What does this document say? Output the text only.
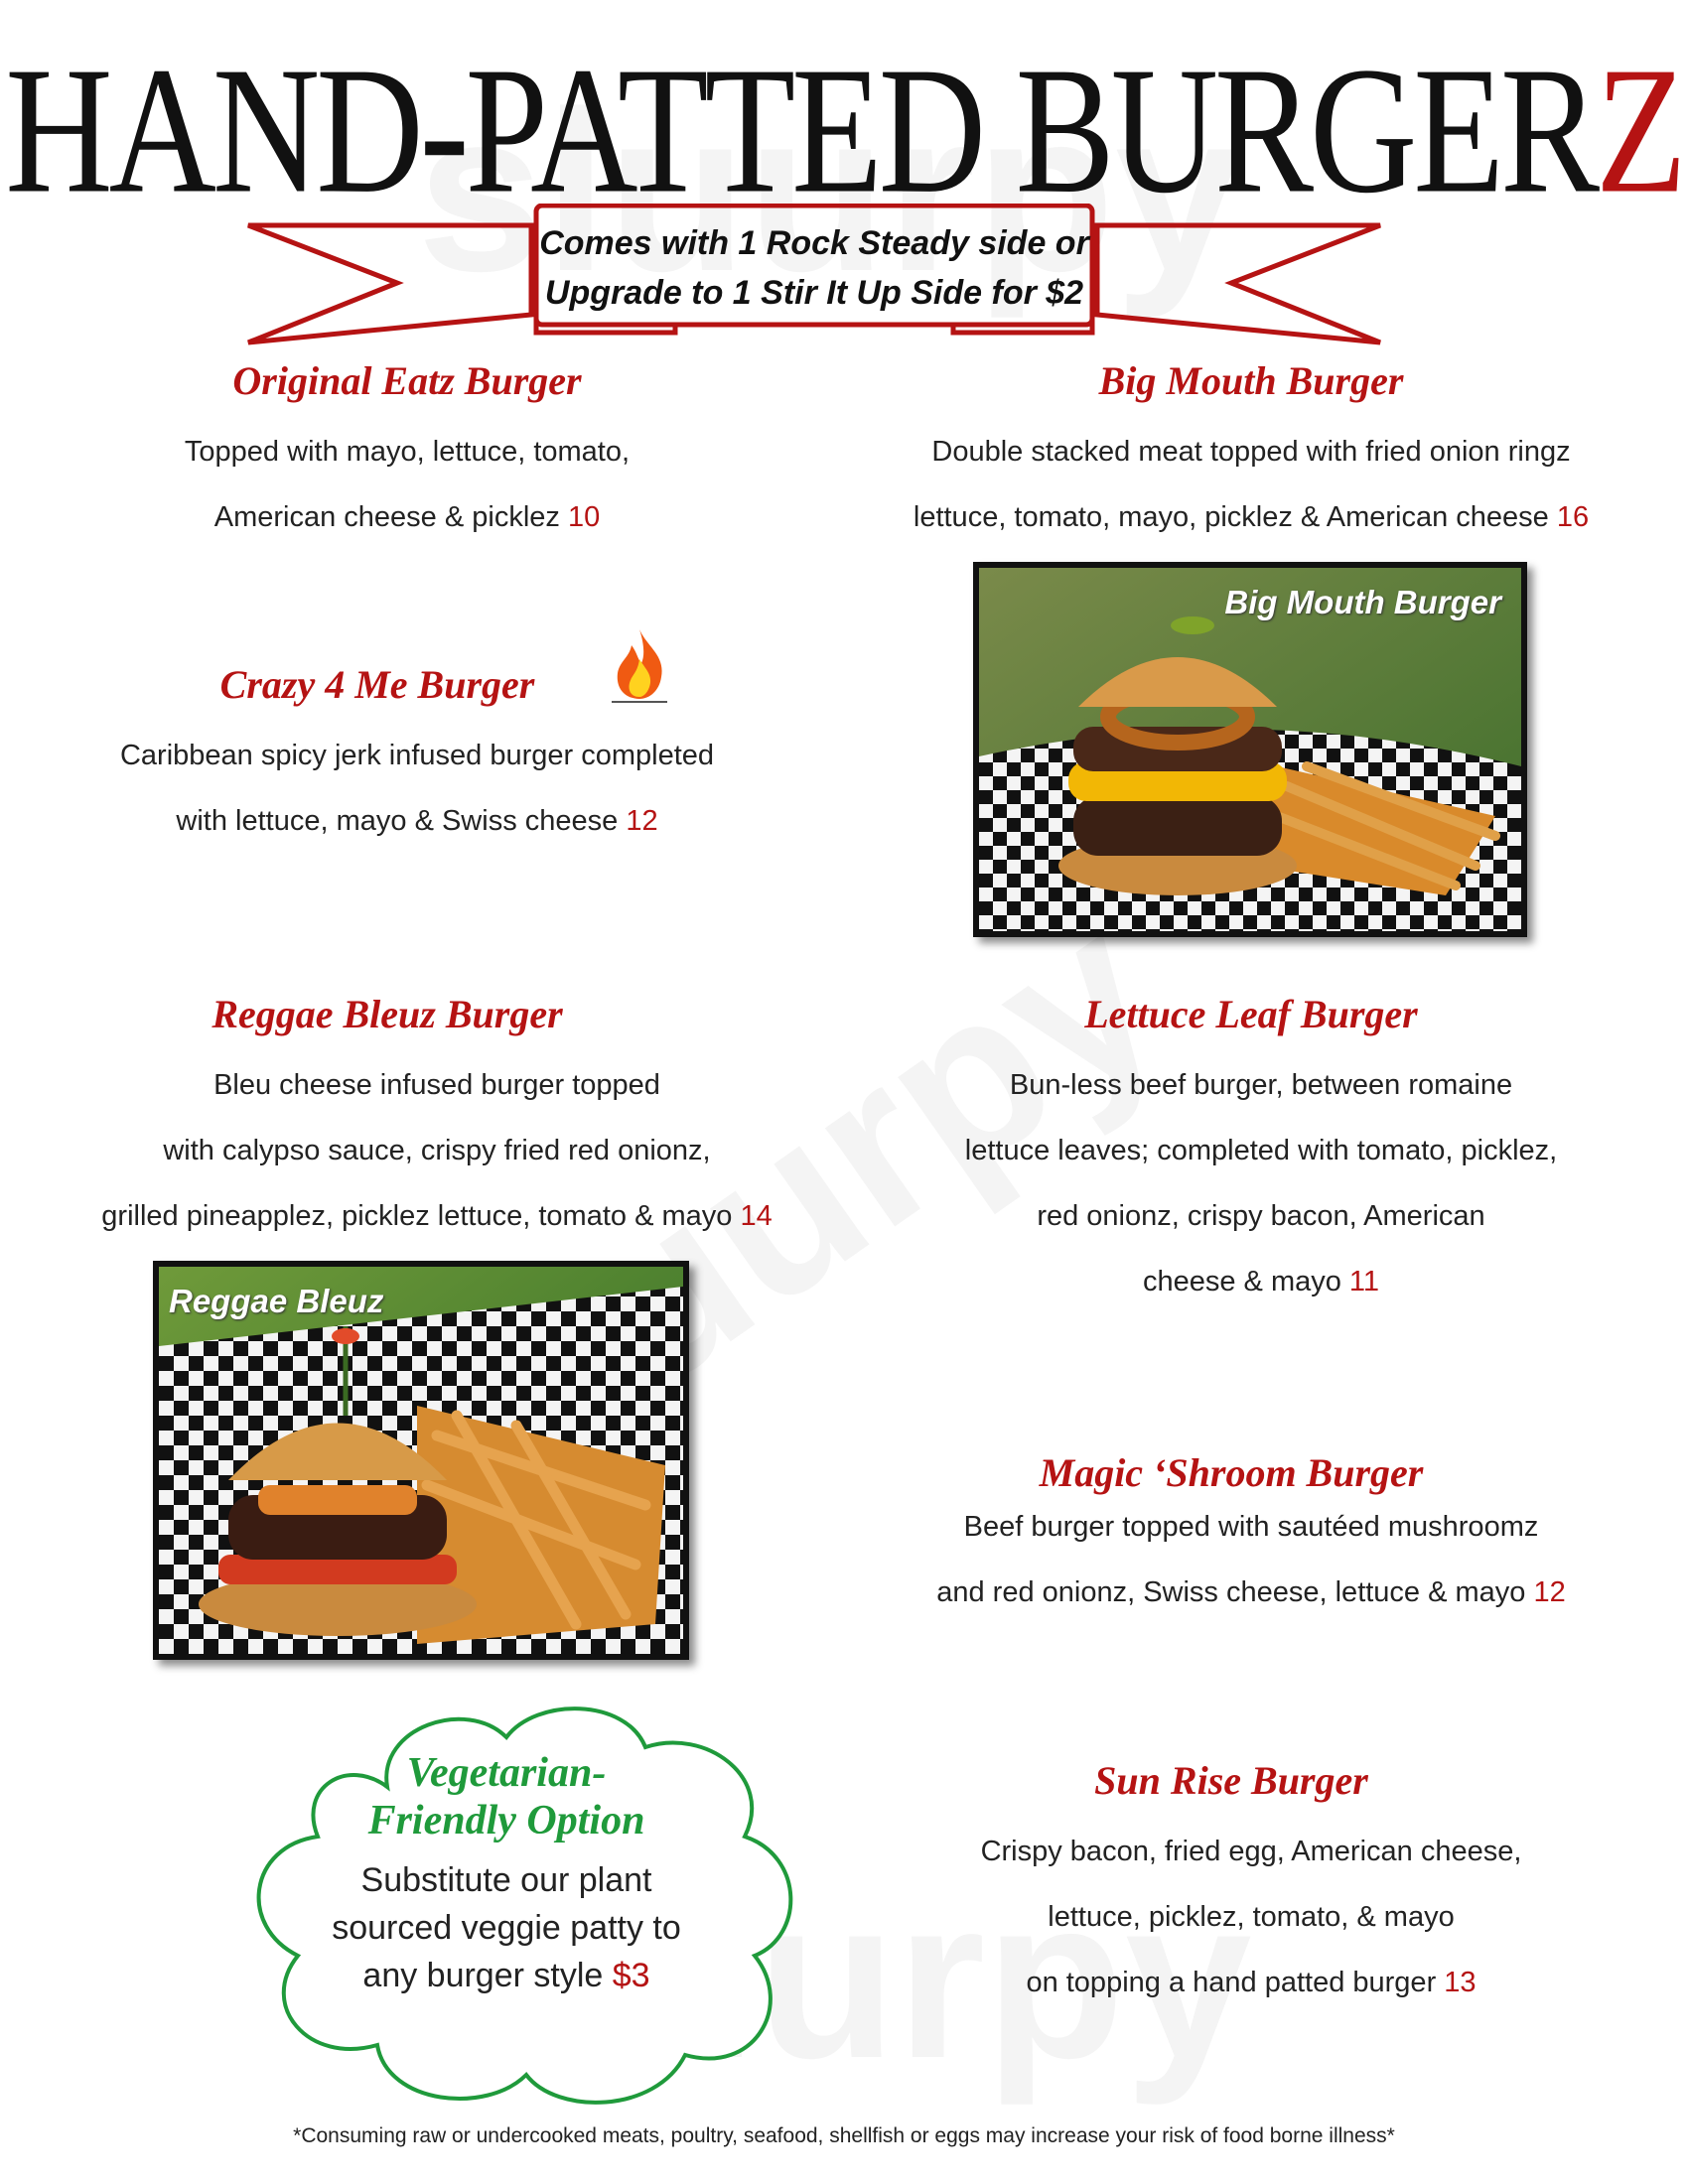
HAND-PATTED BURGERZ
Comes with 1 Rock Steady side or
Upgrade to 1 Stir It Up Side for $2
Original Eatz Burger
Topped with mayo, lettuce, tomato,
American cheese & picklez 10
Big Mouth Burger
Double stacked meat topped with fried onion ringz
lettuce, tomato, mayo, picklez & American cheese 16
Big Mouth Burger
Crazy 4 Me Burger
Caribbean spicy jerk infused burger completed
with lettuce, mayo & Swiss cheese 12
Reggae Bleuz Burger
Bleu cheese infused burger topped
with calypso sauce, crispy fried red onionz,
grilled pineapplez, picklez lettuce, tomato & mayo 14
Reggae Bleuz
Lettuce Leaf Burger
Bun-less beef burger, between romaine
lettuce leaves; completed with tomato, picklez,
red onionz, crispy bacon, American
cheese & mayo 11
Magic ‘Shroom Burger
Beef burger topped with sautéed mushroomz
and red onionz, Swiss cheese, lettuce & mayo 12
Sun Rise Burger
Crispy bacon, fried egg, American cheese,
lettuce, picklez, tomato, & mayo
on topping a hand patted burger 13
Vegetarian-
Friendly Option
Substitute our plant
sourced veggie patty to
any burger style $3
*Consuming raw or undercooked meats, poultry, seafood, shellfish or eggs may increase your risk of food borne illness*
